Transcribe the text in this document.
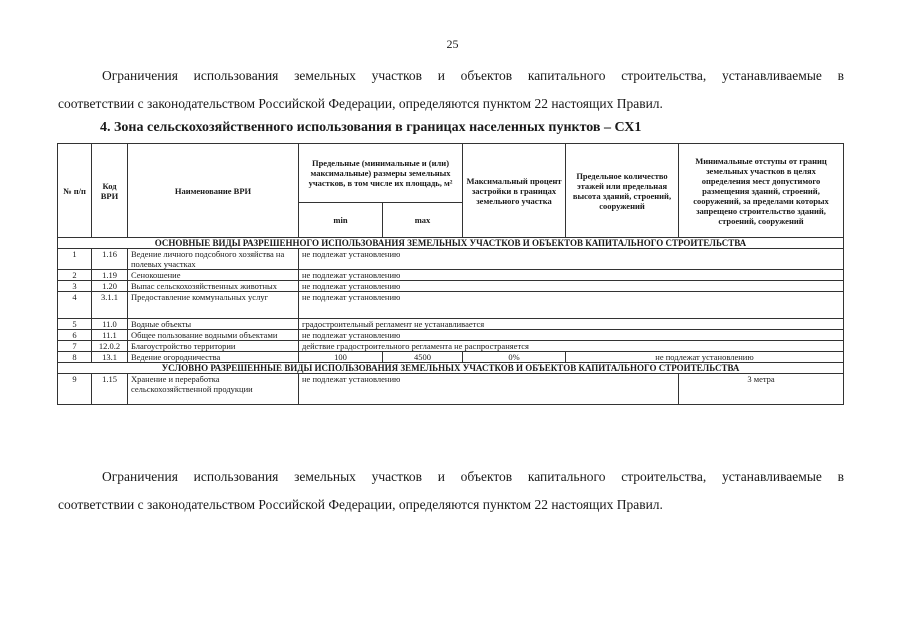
25
Ограничения использования земельных участков и объектов капитального строительства, устанавливаемые в
соответствии с законодательством Российской Федерации, определяются пунктом 22 настоящих Правил.
4. Зона сельскохозяйственного использования в границах населенных пунктов – СХ1
№ п/п	Код ВРИ	Наименование ВРИ	Предельные (минимальные и (или) максимальные) размеры земельных участков, в том числе их площадь, м²		Максимальный процент застройки в границах земельного участка	Предельное количество этажей или предельная высота зданий, строений, сооружений	Минимальные отступы от границ земельных участков в целях определения мест допустимого размещения зданий, строений, сооружений, за пределами которых запрещено строительство зданий, строений, сооружений
			min	max			
ОСНОВНЫЕ ВИДЫ РАЗРЕШЕННОГО ИСПОЛЬЗОВАНИЯ ЗЕМЕЛЬНЫХ УЧАСТКОВ И ОБЪЕКТОВ КАПИТАЛЬНОГО СТРОИТЕЛЬСТВА							
1	1.16	Ведение личного подсобного хозяйства на полевых участках	не подлежат установлению				
2	1.19	Сенокошение	не подлежат установлению				
3	1.20	Выпас сельскохозяйственных животных	не подлежат установлению				
4	3.1.1	Предоставление коммунальных услуг	не подлежат установлению				
5	11.0	Водные объекты	градостроительный регламент не устанавливается				
6	11.1	Общее пользование водными объектами	не подлежат установлению				
7	12.0.2	Благоустройство территории	действие градостроительного регламента не распространяется				
8	13.1	Ведение огородничества	100	4500	0%	не подлежат установлению	
УСЛОВНО РАЗРЕШЕННЫЕ ВИДЫ ИСПОЛЬЗОВАНИЯ ЗЕМЕЛЬНЫХ УЧАСТКОВ И ОБЪЕКТОВ КАПИТАЛЬНОГО СТРОИТЕЛЬСТВА							
9	1.15	Хранение и переработка сельскохозяйственной продукции	не подлежат установлению				3 метра
Ограничения использования земельных участков и объектов капитального строительства, устанавливаемые в
соответствии с законодательством Российской Федерации, определяются пунктом 22 настоящих Правил.
